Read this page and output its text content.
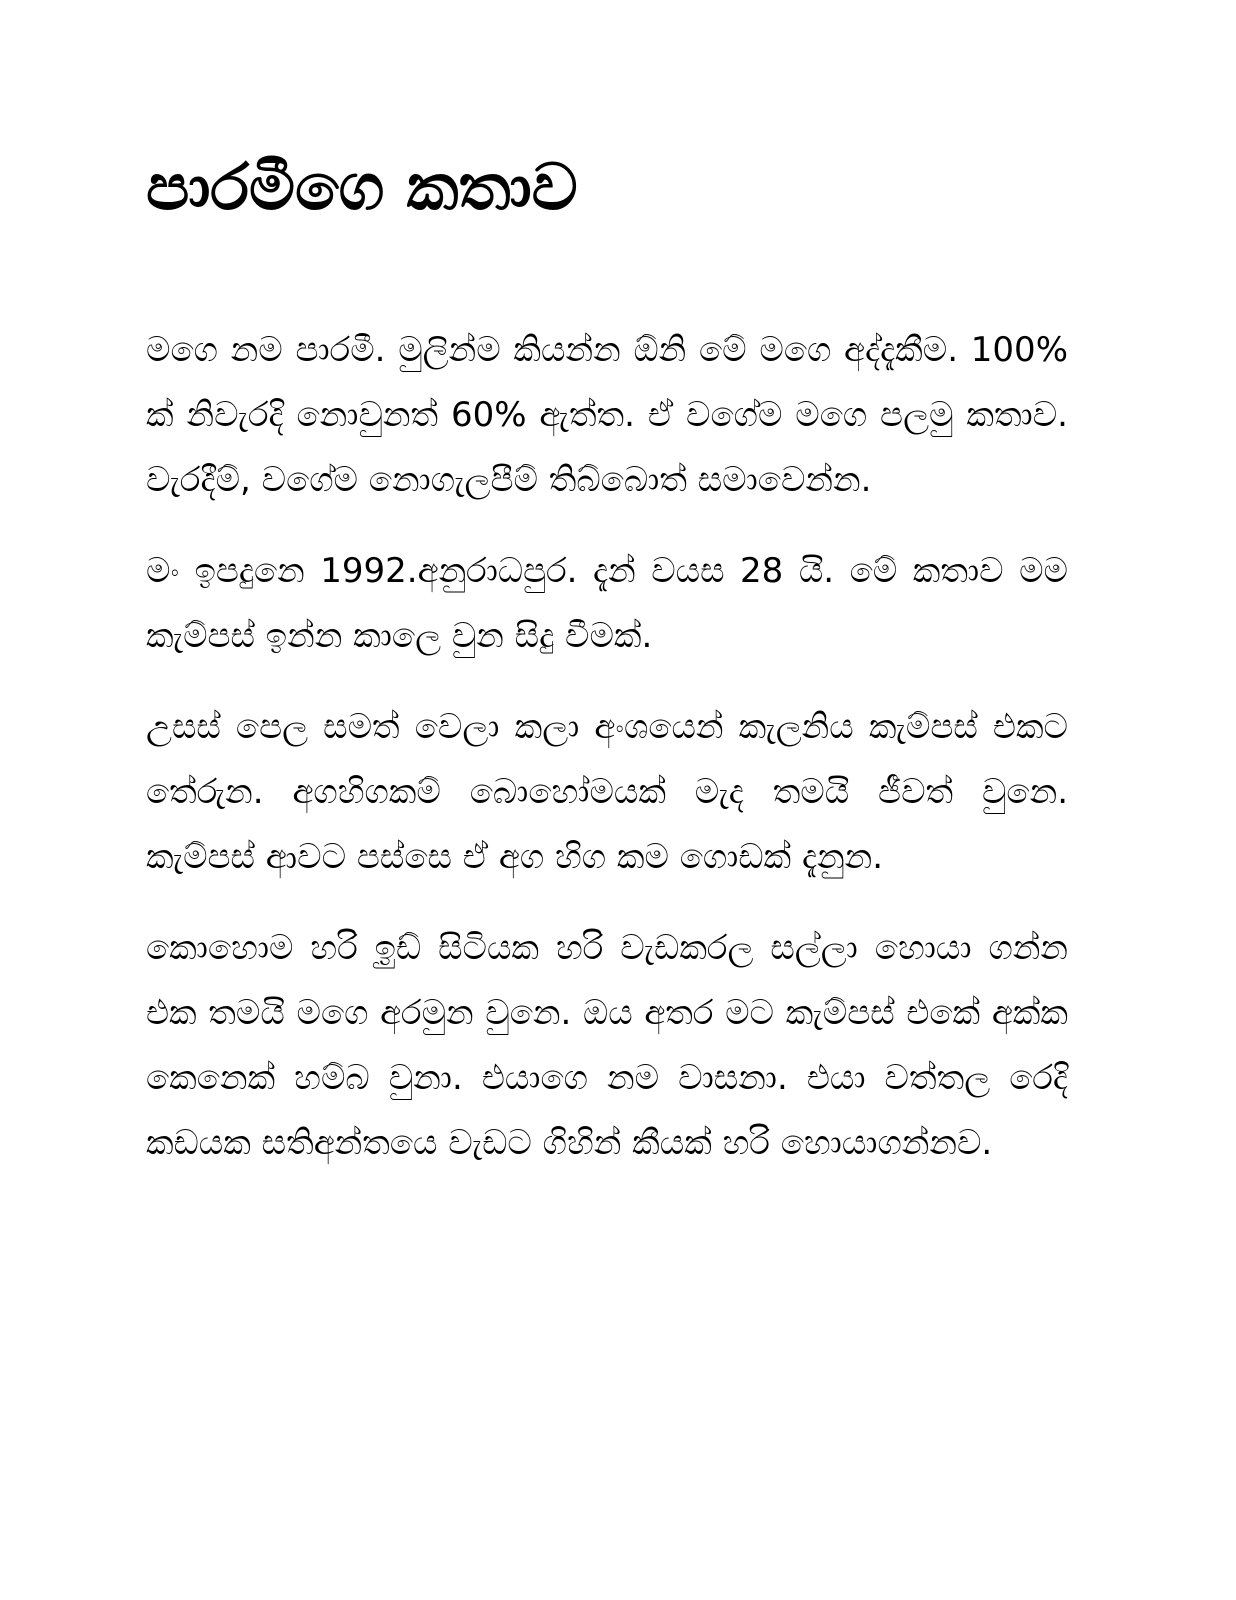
පාරමීගෙ කතාව

මගෙ නම පාරමී. මුලින්ම කියන්න ඕනි මේ මගෙ අද්දැකීම. 100% ක් නිවැරදි නොවුනත් 60% ඇත්ත. ඒ වගේම මගෙ පලමු කතාව. වැරදීම්, වගේම නොගැලපීම් තිබ්බොත් සමාවෙන්න.

මං ඉපදුනෙ 1992.අනුරාධපුර. දැන් වයස 28 යි. මේ කතාව මම කැම්පස් ඉන්න කාලෙ වුන සිදු වීමක්.

උසස් පෙල සමත් වෙලා කලා අංශයෙන් කැලනිය කැම්පස් එකට තේරුන. අගහිගකම් බොහෝමයක් මැද තමයි ජීවත් වුනෙ. කැම්පස් ආවට පස්සෙ ඒ අග හිග කම ගොඩක් දැනුන.

කොහොම හරි ඉුඩ් සිටියක හරි වැඩකරල සල්ලා හොයා ගන්න එක තමයි මගෙ අරමුන වුනෙ. ඔය අතර මට කැම්පස් එකේ අක්ක කෙනෙක් හම්බ වුනා. එයාගෙ නම වාසනා. එයා වත්තල රෙදි කඩයක සතිඅන්තයෙ වැඩට ගිහින් කීයක් හරි හොයාගන්නව.
